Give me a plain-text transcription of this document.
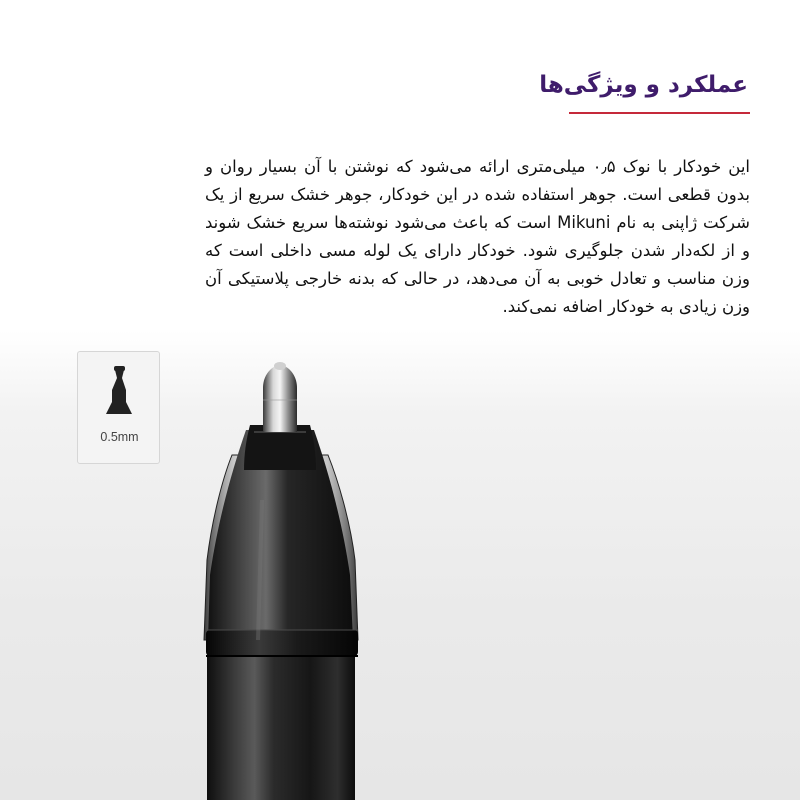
عملکرد و ویژگی‌ها

این خودکار با نوک ۰٫۵ میلی‌متری ارائه می‌شود که نوشتن با آن بسیار روان و بدون قطعی است. جوهر استفاده شده در این خودکار، جوهر خشک سریع از یک شرکت ژاپنی به نام Mikuni است که باعث می‌شود نوشته‌ها سریع خشک شوند و از لکه‌دار شدن جلوگیری شود. خودکار دارای یک لوله مسی داخلی است که وزن مناسب و تعادل خوبی به آن می‌دهد، در حالی که بدنه خارجی پلاستیکی آن وزن زیادی به خودکار اضافه نمی‌کند.

0.5mm
